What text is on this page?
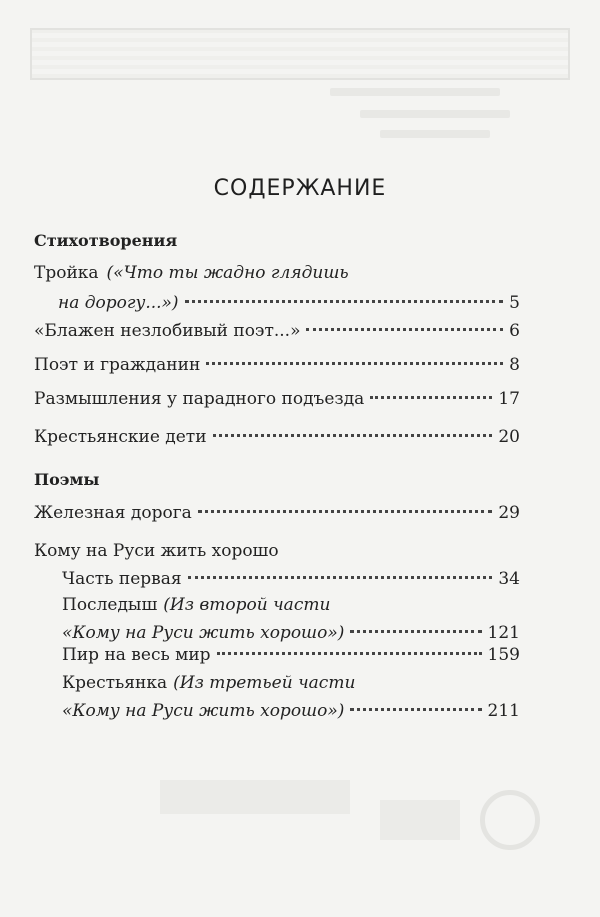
СОДЕРЖАНИЕ
Стихотворения
Тройка («Что ты жадно глядишь
на дорогу...»)	5
«Блажен незлобивый поэт...»	6
Поэт и гражданин	8
Размышления у парадного подъезда	17
Крестьянские дети	20
Поэмы
Железная дорога	29
Кому на Руси жить хорошо
Часть первая	34
Последыш (Из второй части
«Кому на Руси жить хорошо»)	121
Пир на весь мир	159
Крестьянка (Из третьей части
«Кому на Руси жить хорошо»)	211
